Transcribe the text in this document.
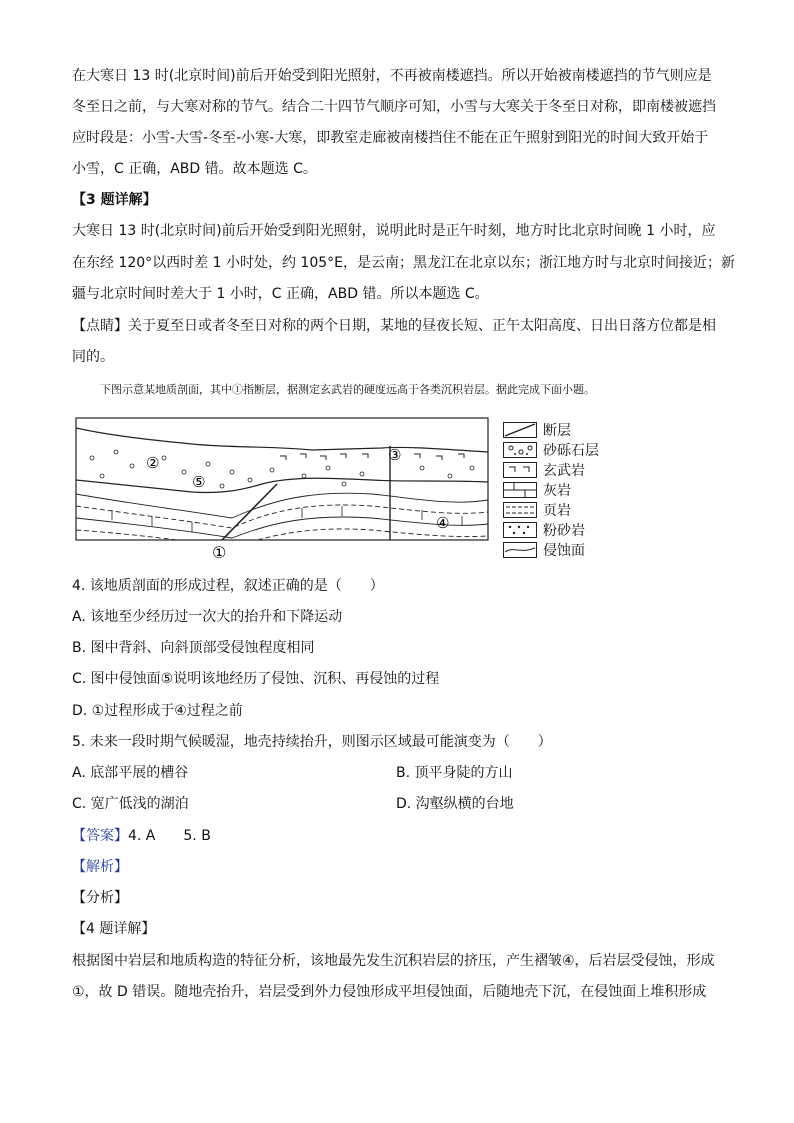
在大寒日 13 时(北京时间)前后开始受到阳光照射，不再被南楼遮挡。所以开始被南楼遮挡的节气则应是
冬至日之前，与大寒对称的节气。结合二十四节气顺序可知，小雪与大寒关于冬至日对称，即南楼被遮挡
应时段是：小雪-大雪-冬至-小寒-大寒，即教室走廊被南楼挡住不能在正午照射到阳光的时间大致开始于
小雪，C 正确，ABD 错。故本题选 C。
【3 题详解】
大寒日 13 时(北京时间)前后开始受到阳光照射，说明此时是正午时刻，地方时比北京时间晚 1 小时，应
在东经 120°以西时差 1 小时处，约 105°E，是云南；黑龙江在北京以东；浙江地方时与北京时间接近；新
疆与北京时间时差大于 1 小时，C 正确，ABD 错。所以本题选 C。
【点睛】关于夏至日或者冬至日对称的两个日期，某地的昼夜长短、正午太阳高度、日出日落方位都是相
同的。
下图示意某地质剖面，其中①指断层，据测定玄武岩的硬度远高于各类沉积岩层。据此完成下面小题。
②
⑤
③
④
①
断层
砂砾石层
玄武岩
灰岩
页岩
粉砂岩
侵蚀面
4. 该地质剖面的形成过程，叙述正确的是（　　）
A. 该地至少经历过一次大的抬升和下降运动
B. 图中背斜、向斜顶部受侵蚀程度相同
C. 图中侵蚀面⑤说明该地经历了侵蚀、沉积、再侵蚀的过程
D. ①过程形成于④过程之前
5. 未来一段时期气候暖湿，地壳持续抬升，则图示区域最可能演变为（　　）
A. 底部平展的槽谷	B. 顶平身陡的方山
C. 宽广低浅的湖泊	D. 沟壑纵横的台地
【答案】4. A　　5. B
【解析】
【分析】
【4 题详解】
根据图中岩层和地质构造的特征分析，该地最先发生沉积岩层的挤压，产生褶皱④，后岩层受侵蚀，形成
①，故 D 错误。随地壳抬升，岩层受到外力侵蚀形成平坦侵蚀面，后随地壳下沉，在侵蚀面上堆积形成
